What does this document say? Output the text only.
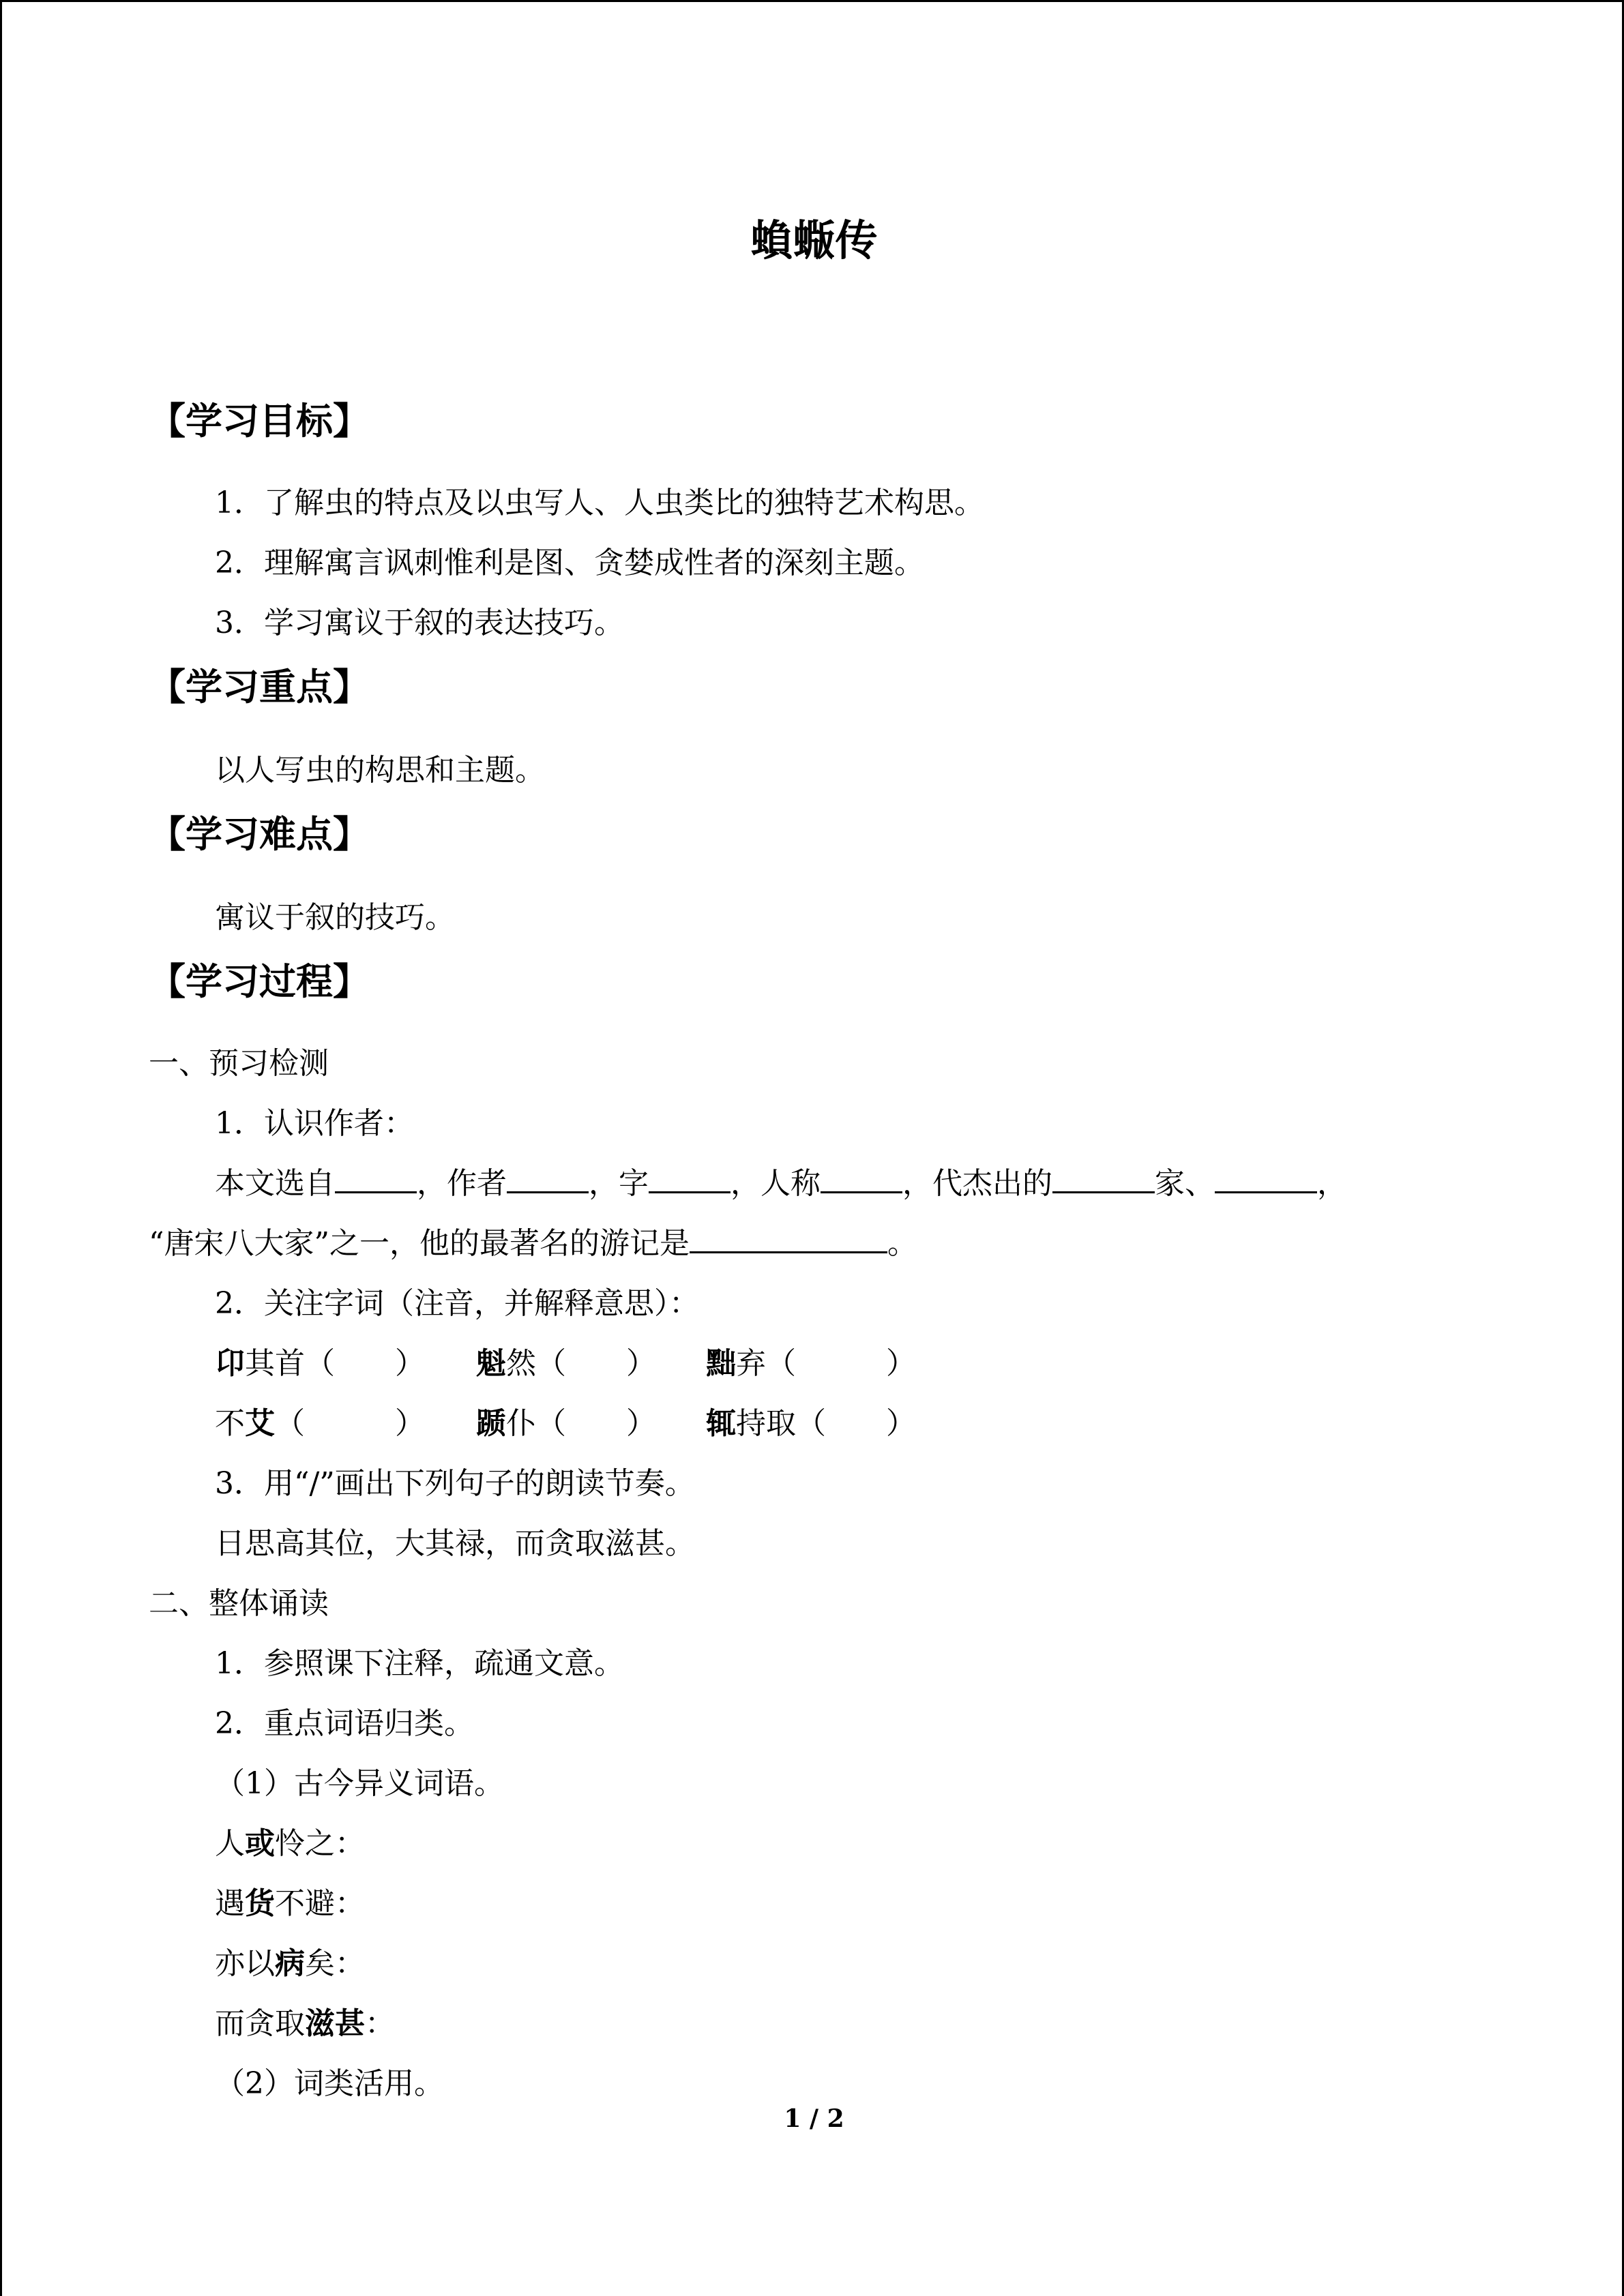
蝜蝂传
【学习目标】
1．了解虫的特点及以虫写人、人虫类比的独特艺术构思。
2．理解寓言讽刺惟利是图、贪婪成性者的深刻主题。
3．学习寓议于叙的表达技巧。
【学习重点】
以人写虫的构思和主题。
【学习难点】
寓议于叙的技巧。
【学习过程】
一、预习检测
1．认识作者：
本文选自	，作者	，字	，人称	，代杰出的	家、	，
“唐宋八大家”之一，他的最著名的游记是	。
2．关注字词（注音，并解释意思）：
卬其首（　　） 魁然（　　） 黜弃（　　　）
不艾（　　　） 踬仆（　　） 辄持取（　　）
3．用“/”画出下列句子的朗读节奏。
日思高其位，大其禄，而贪取滋甚。
二、整体诵读
1．参照课下注释，疏通文意。
2．重点词语归类。
（1）古今异义词语。
人或怜之：
遇货不避：
亦以病矣：
而贪取滋甚：
（2）词类活用。
1 / 2
